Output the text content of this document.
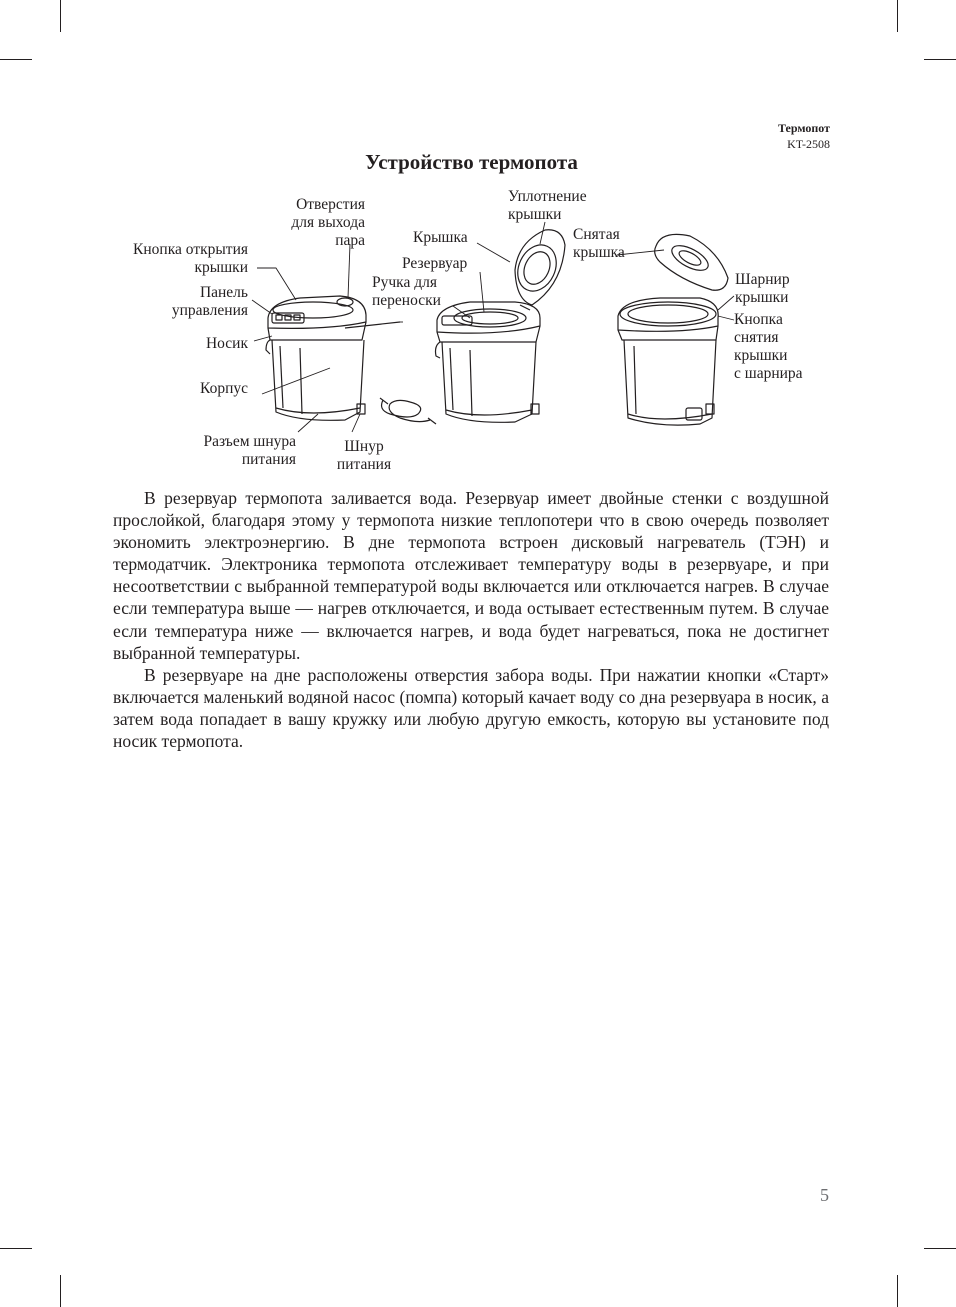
Термопот
KT-2508
Устройство термопота
Отверстия
для выхода
пара
Кнопка открытия
крышки
Панель
управления
Носик
Корпус
Разъем шнура
питания
Шнур
питания
Крышка
Резервуар
Ручка для
переноски
Уплотнение
крышки
Снятая
крышка
Шарнир
крышки
Кнопка
снятия
крышки
с шарнира

В резервуар термопота заливается вода. Резервуар имеет двойные стенки с воздушной прослойкой, благодаря этому у термопота низкие теплопотери что в свою очередь позволяет экономить электроэнергию. В дне термопота встроен дисковый нагреватель (ТЭН) и термодатчик. Электроника термопота отслеживает температуру воды в резервуаре, и при несоответствии с выбранной температурой воды включается или отключается нагрев. В случае если температура выше — нагрев отключается, и вода остывает естественным путем. В случае если температура ниже — включается нагрев, и вода будет нагреваться, пока не достигнет выбранной температуры.

В резервуаре на дне расположены отверстия забора воды. При нажатии кнопки «Старт» включается маленький водяной насос (помпа) который качает воду со дна резервуара в носик, а затем вода попадает в вашу кружку или любую другую емкость, которую вы установите под носик термопота.

5
